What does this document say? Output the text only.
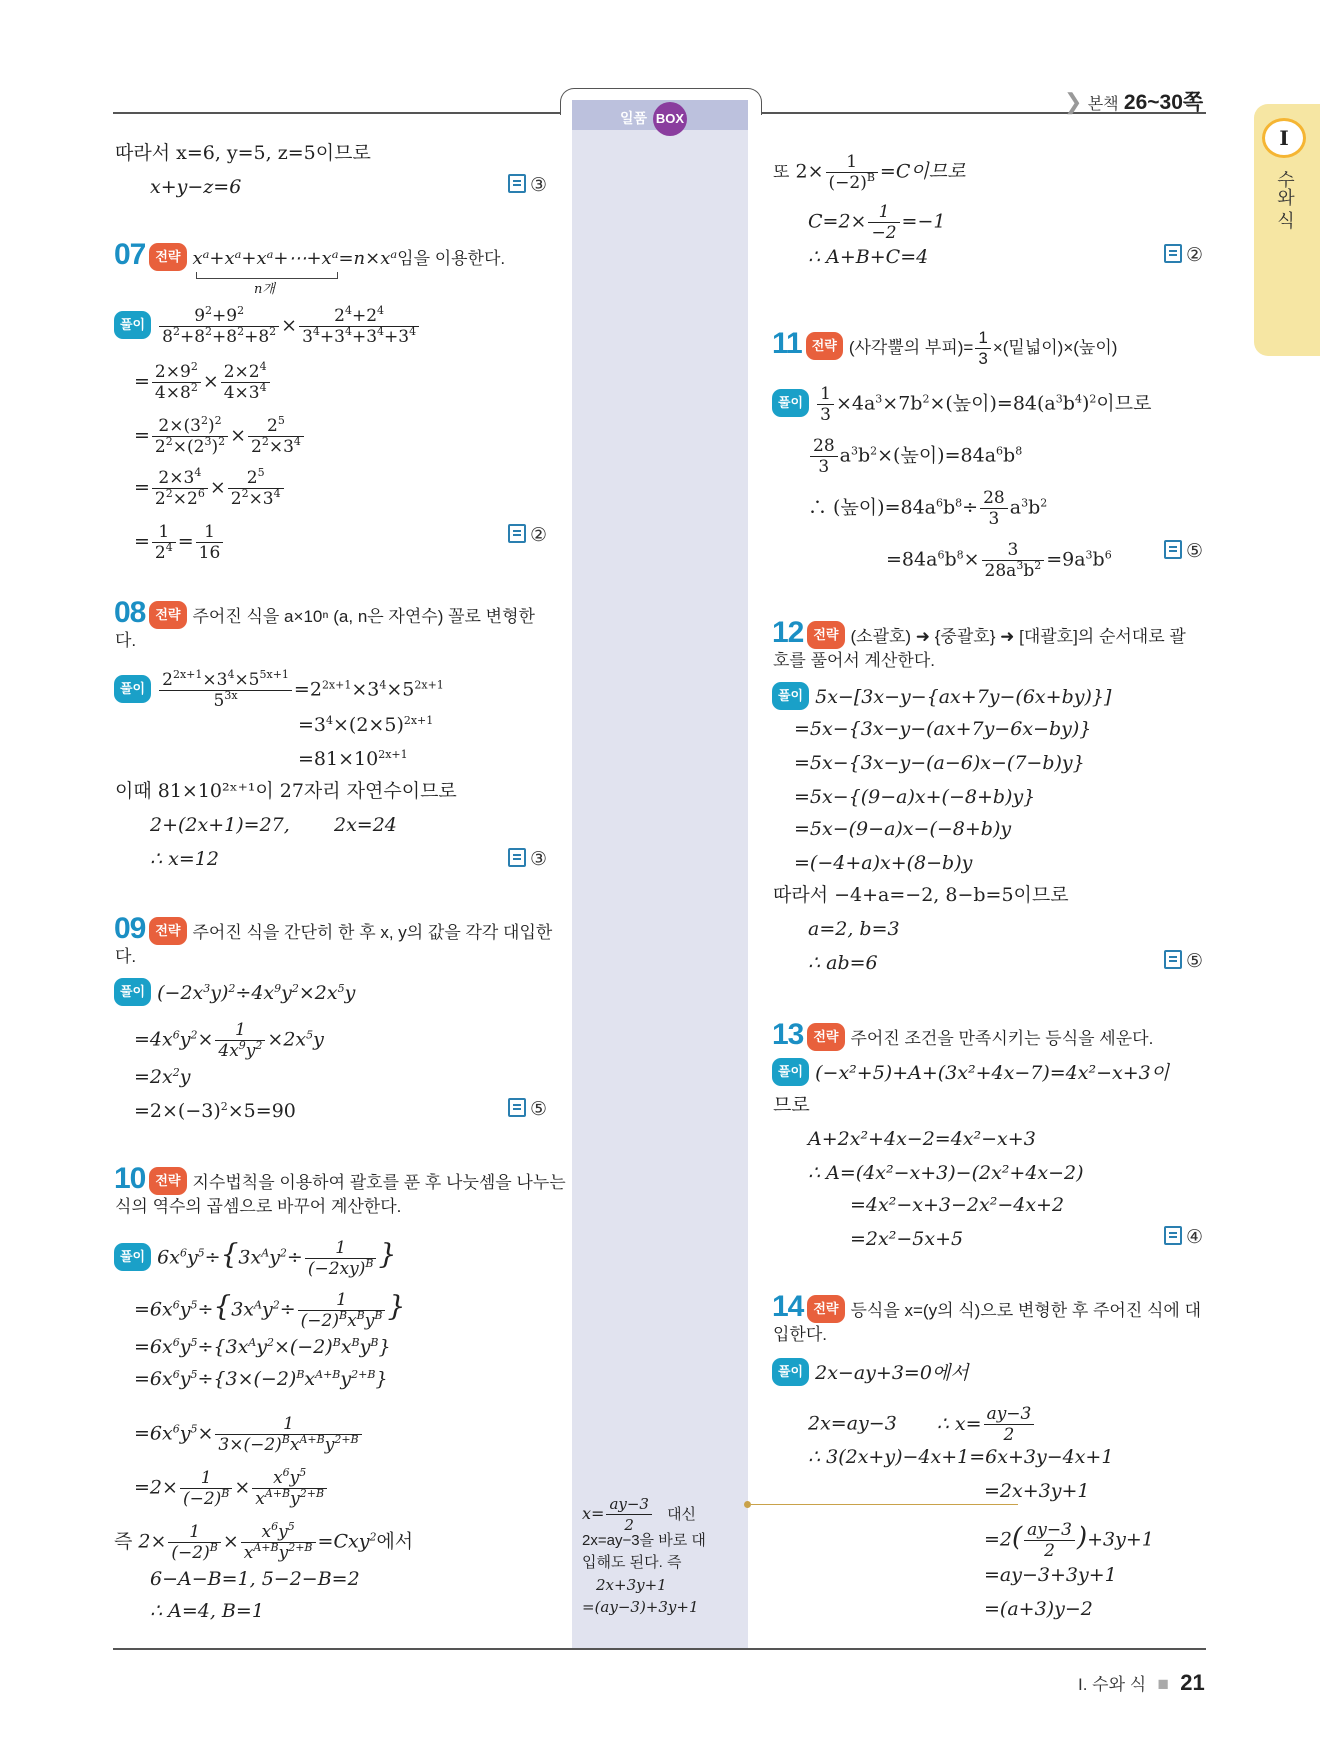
일품 BOX
❯ 본책 26~30쪽
I
수와 식
I. 수와 식 ■ 21
따라서 x=6, y=5, z=5이므로
x+y−z=6	③
07 전략 xᵃ+xᵃ+xᵃ+⋯+xᵃ=n×xᵃ임을 이용한다.
n개
풀이 $\frac{9^2+9^2}{8^2+8^2+8^2+8^2} \times \frac{2^4+2^4}{3^4+3^4+3^4+3^4}$
= $\frac{2\times 9^2}{4\times 8^2} \times \frac{2\times 2^4}{4\times 3^4}$
= $\frac{2\times(3^2)^2}{2^2\times(2^3)^2} \times \frac{2^5}{2^2\times 3^4}$
= $\frac{2\times 3^4}{2^2\times 2^6} \times \frac{2^5}{2^2\times 3^4}$
= $\frac{1}{2^4} = \frac{1}{16}$	②
08 전략 주어진 식을 a×10ⁿ (a, n은 자연수) 꼴로 변형한
다.
풀이 $\frac{2^{2x+1}\times 3^4\times 5^{5x+1}}{5^{3x}} =2^{2x+1}\times 3^4\times 5^{2x+1}$
$=3^4\times(2\times 5)^{2x+1}$
$=81\times 10^{2x+1}$
이때 81×10²ˣ⁺¹이 27자리 자연수이므로
2+(2x+1)=27, 2x=24
∴ x=12	③
09 전략 주어진 식을 간단히 한 후 x, y의 값을 각각 대입한
다.
풀이 $(-2x^3y)^2\div 4x^9y^2\times 2x^5y$
$=4x^6y^2\times \frac{1}{4x^9y^2} \times 2x^5y$
$=2x^2y$
$=2\times(-3)^2\times 5=90$	⑤
10 전략 지수법칙을 이용하여 괄호를 푼 후 나눗셈을 나누는
식의 역수의 곱셈으로 바꾸어 계산한다.
풀이 $6x^6y^5\div\{3x^Ay^2\div \frac{1}{(-2xy)^B}$ }
$=6x^6y^5\div\{3x^Ay^2\div \frac{1}{(-2)^Bx^By^B}$ }
$=6x^6y^5\div\{3x^Ay^2\times(-2)^Bx^By^B\}$
$=6x^6y^5\div\{3\times(-2)^Bx^{A+B}y^{2+B}\}$
$=6x^6y^5\times \frac{1}{3\times(-2)^Bx^{A+B}y^{2+B}}$
$=2\times \frac{1}{(-2)^B} \times \frac{x^6y^5}{x^{A+B}y^{2+B}}$
즉 $2\times \frac{1}{(-2)^B} \times \frac{x^6y^5}{x^{A+B}y^{2+B}} =Cxy^2$에서
6−A−B=1, 5−2−B=2
∴ A=4, B=1
$x= \frac{ay-3}{2}$ 대신
2x=ay−3을 바로 대
입해도 된다. 즉
2x+3y+1
=(ay−3)+3y+1
또 $2\times \frac{1}{(-2)^B} =C$이므로
$C=2\times \frac{1}{-2} =-1$
∴ A+B+C=4	②
11 전략 (사각뿔의 부피)= $\frac{1}{3}$ ×(밑넓이)×(높이)
풀이 $\frac{1}{3} \times 4a^3\times 7b^2\times$(높이)$=84(a^3b^4)^2$이므로
$\frac{28}{3} a^3b^2\times$(높이)$=84a^6b^8$
∴ (높이)$=84a^6b^8\div \frac{28}{3} a^3b^2$
$=84a^6b^8\times \frac{3}{28a^3b^2} =9a^3b^6$	⑤
12 전략 (소괄호) ➜ {중괄호} ➜ [대괄호]의 순서대로 괄
호를 풀어서 계산한다.
풀이 5x−[3x−y−{ax+7y−(6x+by)}]
=5x−{3x−y−(ax+7y−6x−by)}
=5x−{3x−y−(a−6)x−(7−b)y}
=5x−{(9−a)x+(−8+b)y}
=5x−(9−a)x−(−8+b)y
=(−4+a)x+(8−b)y
따라서 −4+a=−2, 8−b=5이므로
a=2, b=3
∴ ab=6	⑤
13 전략 주어진 조건을 만족시키는 등식을 세운다.
풀이 (−x²+5)+A+(3x²+4x−7)=4x²−x+3이
므로
A+2x²+4x−2=4x²−x+3
∴ A=(4x²−x+3)−(2x²+4x−2)
=4x²−x+3−2x²−4x+2
=2x²−5x+5	④
14 전략 등식을 x=(y의 식)으로 변형한 후 주어진 식에 대
입한다.
풀이 2x−ay+3=0에서
2x=ay−3 ∴ $x= \frac{ay-3}{2}$
∴ 3(2x+y)−4x+1=6x+3y−4x+1
=2x+3y+1
$=2( \frac{ay-3}{2} )+3y+1$
=ay−3+3y+1
=(a+3)y−2
